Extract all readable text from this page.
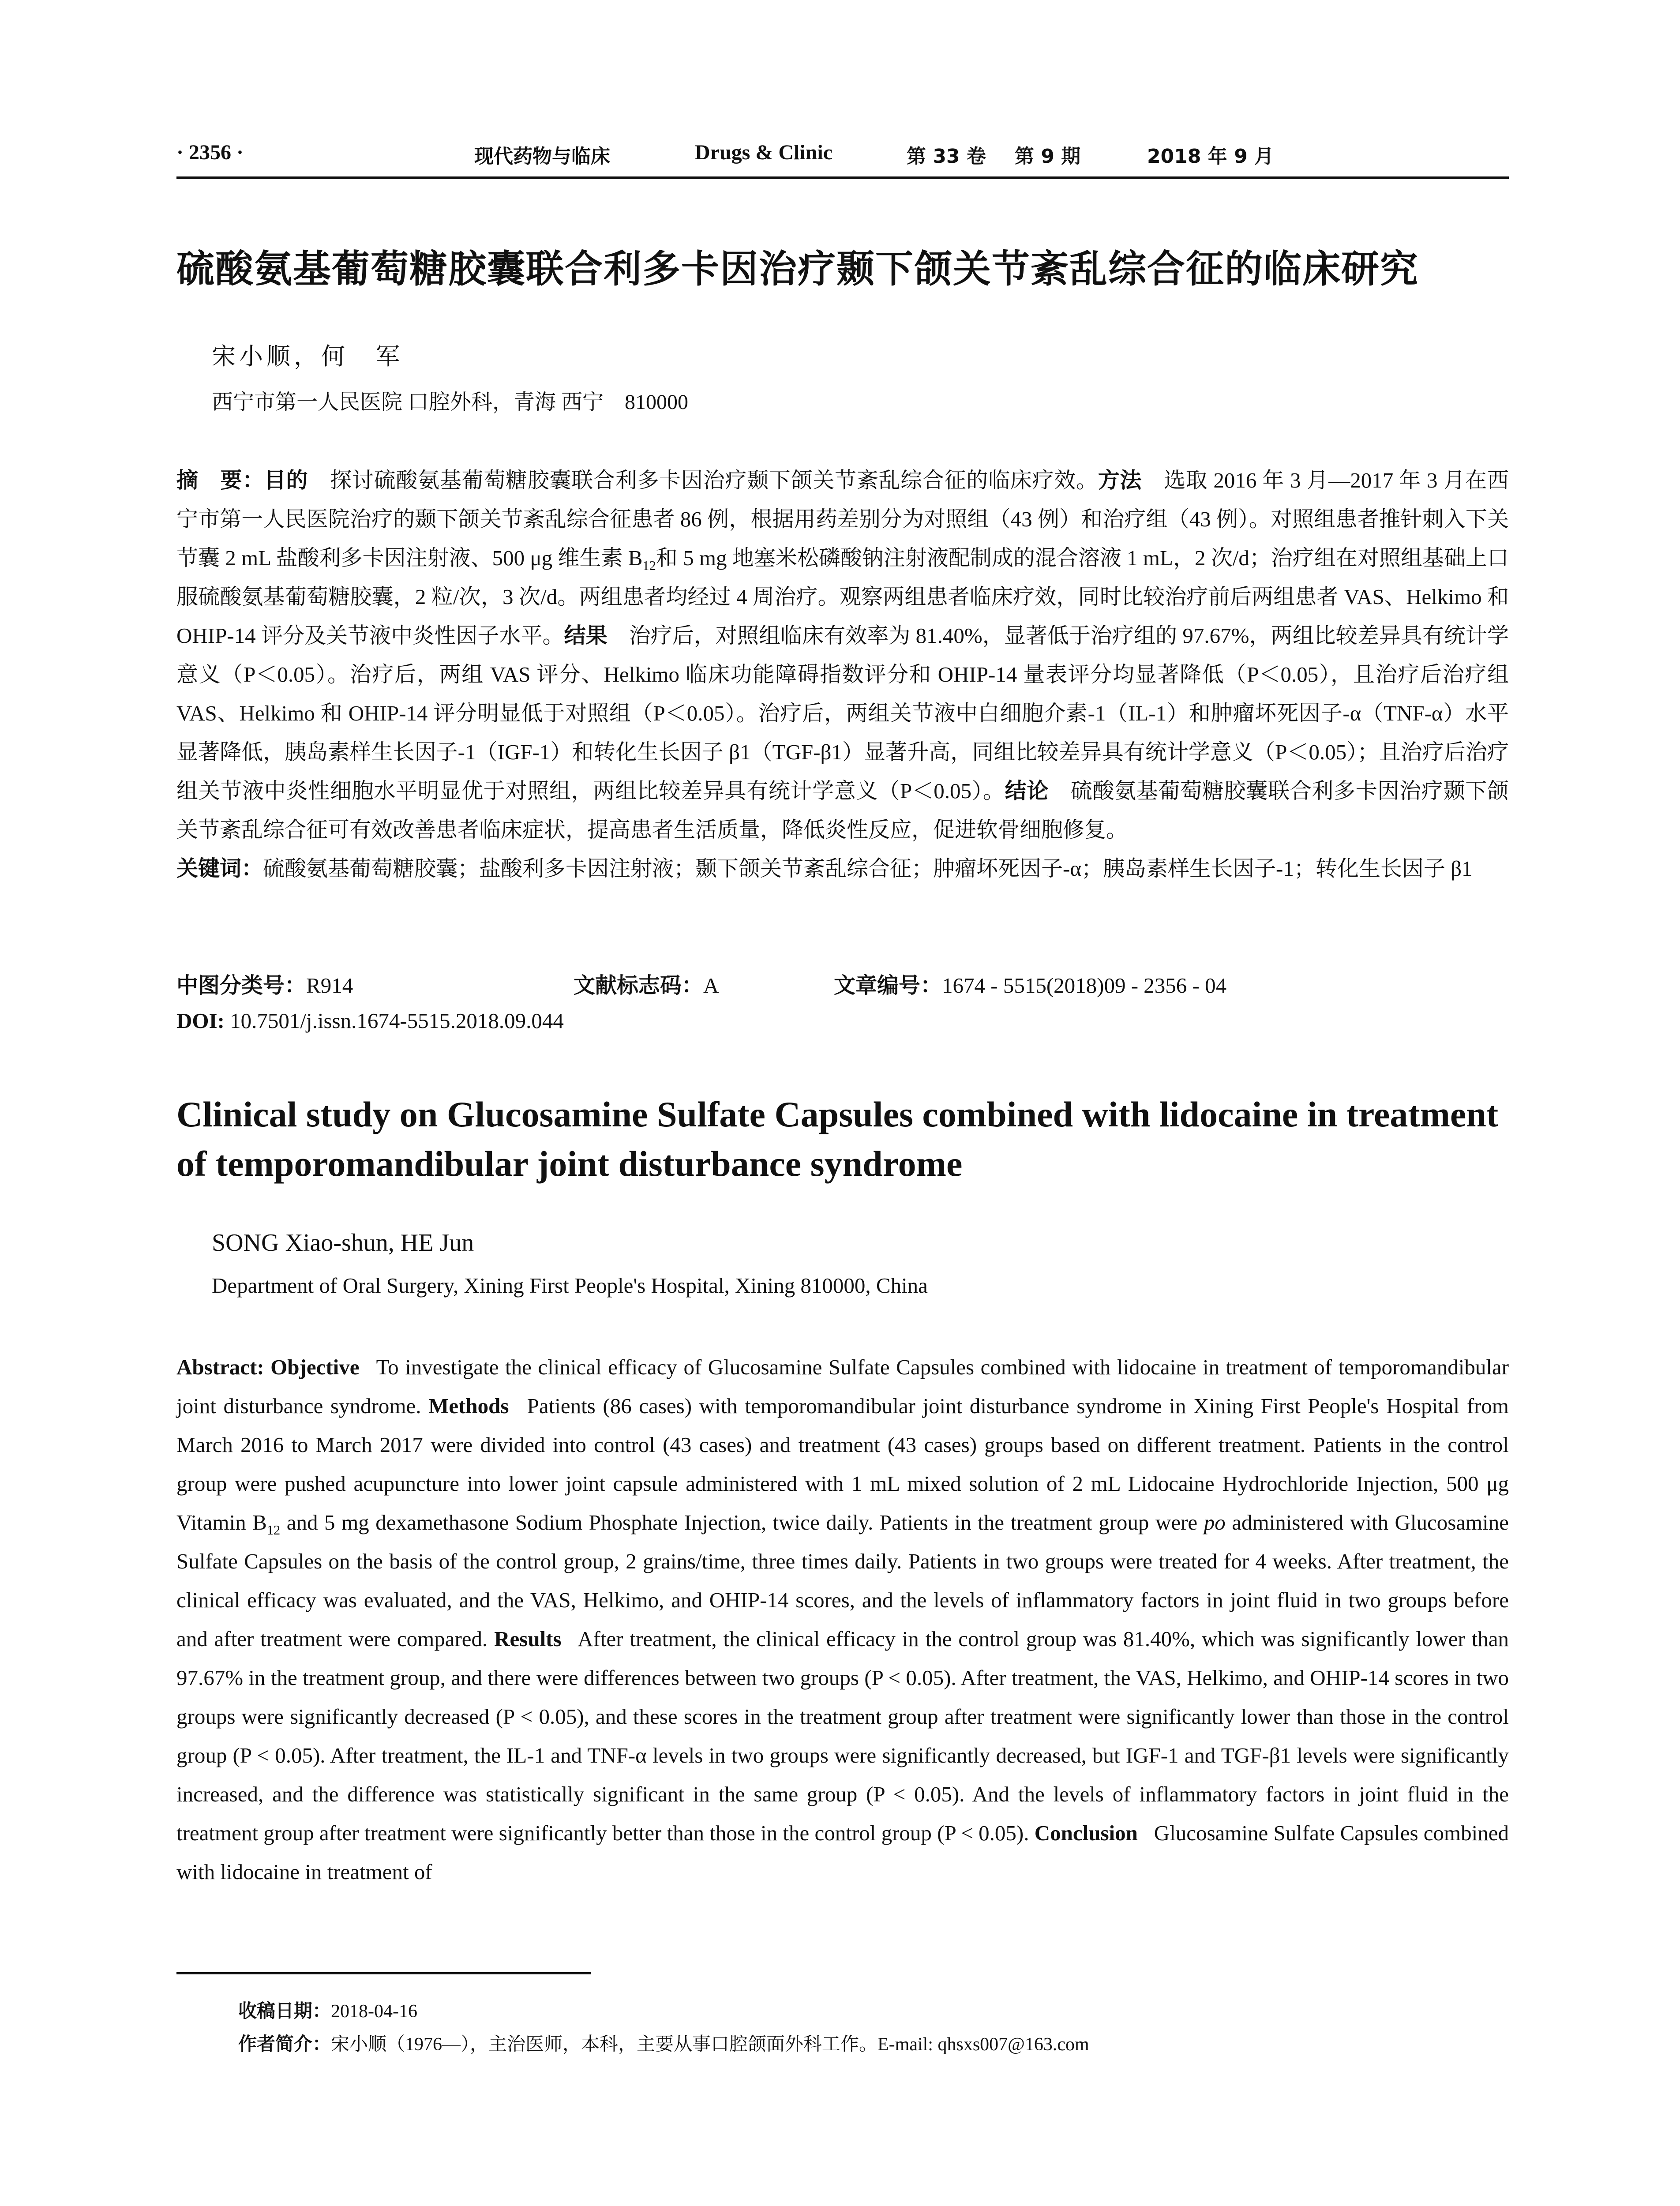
· 2356 ·	现代药物与临床	Drugs & Clinic	第 33 卷 第 9 期	2018 年 9 月
硫酸氨基葡萄糖胶囊联合利多卡因治疗颞下颌关节紊乱综合征的临床研究
宋小顺，何　军
西宁市第一人民医院 口腔外科，青海 西宁　810000
摘　要：目的  探讨硫酸氨基葡萄糖胶囊联合利多卡因治疗颞下颌关节紊乱综合征的临床疗效。方法  选取 2016 年 3 月—2017 年 3 月在西宁市第一人民医院治疗的颞下颌关节紊乱综合征患者 86 例，根据用药差别分为对照组（43 例）和治疗组（43 例）。对照组患者推针刺入下关节囊 2 mL 盐酸利多卡因注射液、500 μg 维生素 $B_{12}$和 5 mg 地塞米松磷酸钠注射液配制成的混合溶液 1 mL，2 次/d；治疗组在对照组基础上口服硫酸氨基葡萄糖胶囊，2 粒/次，3 次/d。两组患者均经过 4 周治疗。观察两组患者临床疗效，同时比较治疗前后两组患者 VAS、Helkimo 和 OHIP-14 评分及关节液中炎性因子水平。结果  治疗后，对照组临床有效率为 81.40%，显著低于治疗组的 97.67%，两组比较差异具有统计学意义（P＜0.05）。治疗后，两组 VAS 评分、Helkimo 临床功能障碍指数评分和 OHIP-14 量表评分均显著降低（P＜0.05），且治疗后治疗组 VAS、Helkimo 和 OHIP-14 评分明显低于对照组（P＜0.05）。治疗后，两组关节液中白细胞介素-1（IL-1）和肿瘤坏死因子-α（TNF-α）水平显著降低，胰岛素样生长因子-1（IGF-1）和转化生长因子 β1（TGF-β1）显著升高，同组比较差异具有统计学意义（P＜0.05）；且治疗后治疗组关节液中炎性细胞水平明显优于对照组，两组比较差异具有统计学意义（P＜0.05）。结论  硫酸氨基葡萄糖胶囊联合利多卡因治疗颞下颌关节紊乱综合征可有效改善患者临床症状，提高患者生活质量，降低炎性反应，促进软骨细胞修复。
关键词：硫酸氨基葡萄糖胶囊；盐酸利多卡因注射液；颞下颌关节紊乱综合征；肿瘤坏死因子-α；胰岛素样生长因子-1；转化生长因子 β1
中图分类号：R914	文献标志码：A	文章编号：1674 - 5515(2018)09 - 2356 - 04
DOI: 10.7501/j.issn.1674-5515.2018.09.044
Clinical study on Glucosamine Sulfate Capsules combined with lidocaine in treatment of temporomandibular joint disturbance syndrome
SONG Xiao-shun, HE Jun
Department of Oral Surgery, Xining First People's Hospital, Xining 810000, China
Abstract: Objective  To investigate the clinical efficacy of Glucosamine Sulfate Capsules combined with lidocaine in treatment of temporomandibular joint disturbance syndrome. Methods  Patients (86 cases) with temporomandibular joint disturbance syndrome in Xining First People's Hospital from March 2016 to March 2017 were divided into control (43 cases) and treatment (43 cases) groups based on different treatment. Patients in the control group were pushed acupuncture into lower joint capsule administered with 1 mL mixed solution of 2 mL Lidocaine Hydrochloride Injection, 500 μg Vitamin $B_{12}$ and 5 mg dexamethasone Sodium Phosphate Injection, twice daily. Patients in the treatment group were po administered with Glucosamine Sulfate Capsules on the basis of the control group, 2 grains/time, three times daily. Patients in two groups were treated for 4 weeks. After treatment, the clinical efficacy was evaluated, and the VAS, Helkimo, and OHIP-14 scores, and the levels of inflammatory factors in joint fluid in two groups before and after treatment were compared. Results  After treatment, the clinical efficacy in the control group was 81.40%, which was significantly lower than 97.67% in the treatment group, and there were differences between two groups (P < 0.05). After treatment, the VAS, Helkimo, and OHIP-14 scores in two groups were significantly decreased (P < 0.05), and these scores in the treatment group after treatment were significantly lower than those in the control group (P < 0.05). After treatment, the IL-1 and TNF-α levels in two groups were significantly decreased, but IGF-1 and TGF-β1 levels were significantly increased, and the difference was statistically significant in the same group (P < 0.05). And the levels of inflammatory factors in joint fluid in the treatment group after treatment were significantly better than those in the control group (P < 0.05). Conclusion  Glucosamine Sulfate Capsules combined with lidocaine in treatment of
收稿日期：2018-04-16
作者简介：宋小顺（1976—），主治医师，本科，主要从事口腔颌面外科工作。E-mail: qhsxs007@163.com
